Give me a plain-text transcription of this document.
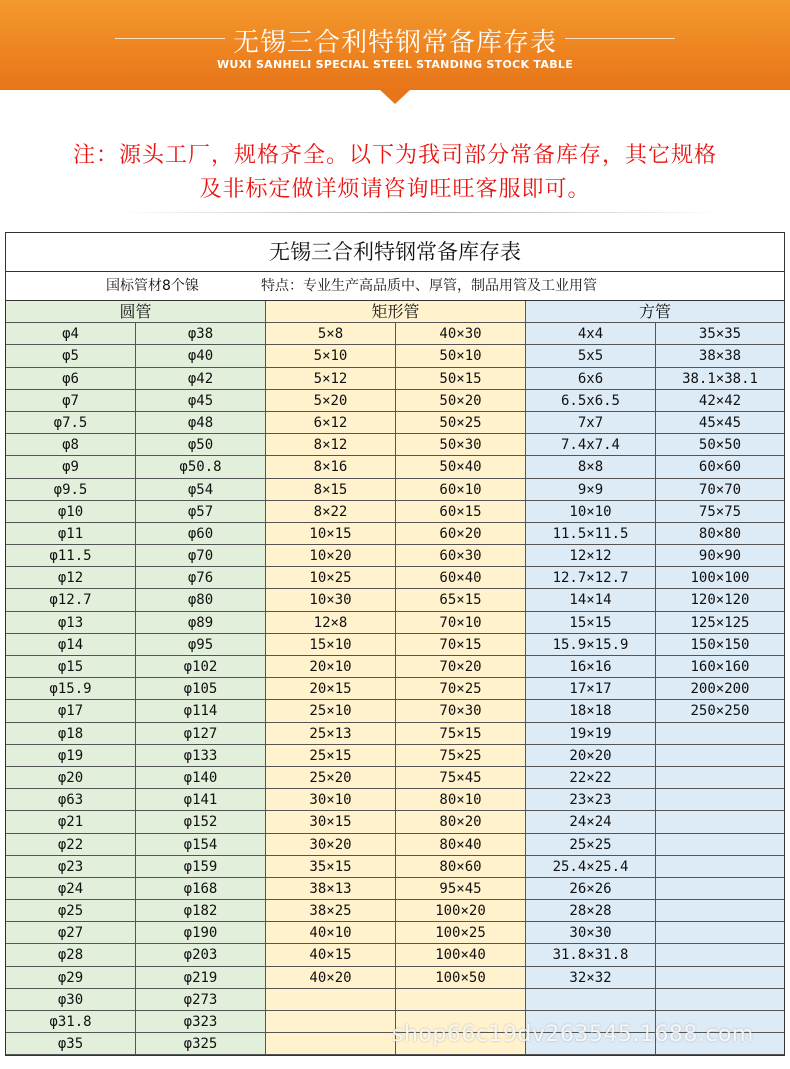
无锡三合利特钢常备库存表
WUXI SANHELI SPECIAL STEEL STANDING STOCK TABLE
注：源头工厂，规格齐全。以下为我司部分常备库存，其它规格
及非标定做详烦请咨询旺旺客服即可。
无锡三合利特钢常备库存表
国标管材8个镍	特点：专业生产高品质中、厚管，制品用管及工业用管
圆管	矩形管	方管
φ4	φ38	5×8	40×30	4x4	35×35
φ5	φ40	5×10	50×10	5x5	38×38
φ6	φ42	5×12	50×15	6x6	38.1×38.1
φ7	φ45	5×20	50×20	6.5x6.5	42×42
φ7.5	φ48	6×12	50×25	7x7	45×45
φ8	φ50	8×12	50×30	7.4x7.4	50×50
φ9	φ50.8	8×16	50×40	8×8	60×60
φ9.5	φ54	8×15	60×10	9×9	70×70
φ10	φ57	8×22	60×15	10×10	75×75
φ11	φ60	10×15	60×20	11.5×11.5	80×80
φ11.5	φ70	10×20	60×30	12×12	90×90
φ12	φ76	10×25	60×40	12.7×12.7	100×100
φ12.7	φ80	10×30	65×15	14×14	120×120
φ13	φ89	12×8	70×10	15×15	125×125
φ14	φ95	15×10	70×15	15.9×15.9	150×150
φ15	φ102	20×10	70×20	16×16	160×160
φ15.9	φ105	20×15	70×25	17×17	200×200
φ17	φ114	25×10	70×30	18×18	250×250
φ18	φ127	25×13	75×15	19×19
φ19	φ133	25×15	75×25	20×20
φ20	φ140	25×20	75×45	22×22
φ63	φ141	30×10	80×10	23×23
φ21	φ152	30×15	80×20	24×24
φ22	φ154	30×20	80×40	25×25
φ23	φ159	35×15	80×60	25.4×25.4
φ24	φ168	38×13	95×45	26×26
φ25	φ182	38×25	100×20	28×28
φ27	φ190	40×10	100×25	30×30
φ28	φ203	40×15	100×40	31.8×31.8
φ29	φ219	40×20	100×50	32×32
φ30	φ273
φ31.8	φ323
φ35	φ325	shop66c19dv263545.1688.com
